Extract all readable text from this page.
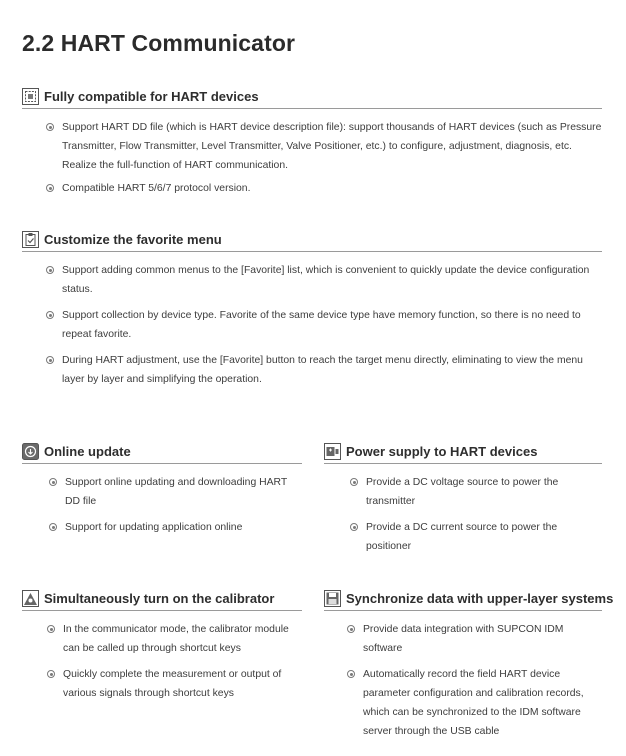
2.2 HART Communicator
Fully compatible for HART devices
Support HART DD file (which is HART device description file): support thousands of HART devices (such as Pressure Transmitter, Flow Transmitter, Level Transmitter, Valve Positioner, etc.) to configure, adjustment, diagnosis, etc. Realize the full-function of HART communication.
Compatible HART 5/6/7 protocol version.
Customize the favorite menu
Support adding common menus to the [Favorite] list, which is convenient to quickly update the device configuration status.
Support collection by device type. Favorite of the same device type have memory function, so there is no need to repeat favorite.
During HART adjustment, use the [Favorite] button to reach the target menu directly, eliminating to view the menu layer by layer and simplifying the operation.
Online update
Support online updating and downloading HART DD file
Support for updating application online
Power supply to HART devices
Provide a DC voltage source to power the transmitter
Provide a DC current source to power the positioner
Simultaneously turn on the calibrator
In the communicator mode, the calibrator module can be called up through shortcut keys
Quickly complete the measurement or output of various signals through shortcut keys
Synchronize data with upper-layer systems
Provide data integration with SUPCON IDM software
Automatically record the field HART device parameter configuration and calibration records, which can be synchronized to the IDM software server through the USB cable
